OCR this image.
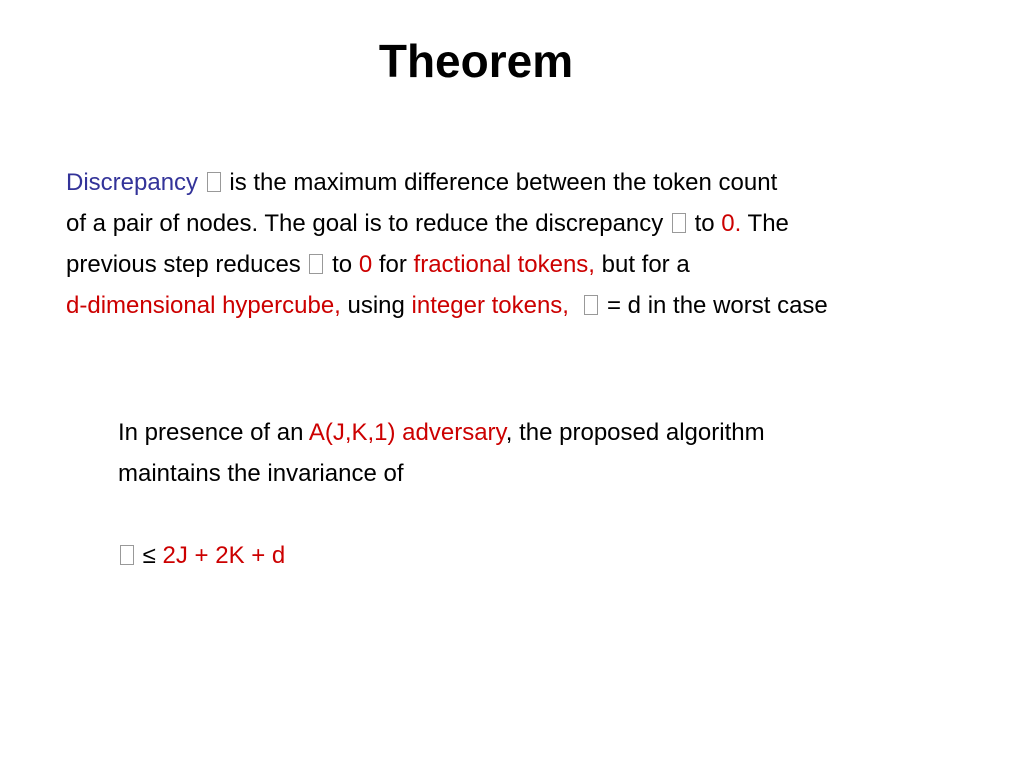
Theorem
Discrepancy  is the maximum difference between the token count
of a pair of nodes. The goal is to reduce the discrepancy  to 0. The
previous step reduces  to 0 for fractional tokens, but for a
d-dimensional hypercube, using integer tokens,   = d in the worst case
In presence of an A(J,K,1) adversary, the proposed algorithm
maintains the invariance of
≤ 2J + 2K + d
